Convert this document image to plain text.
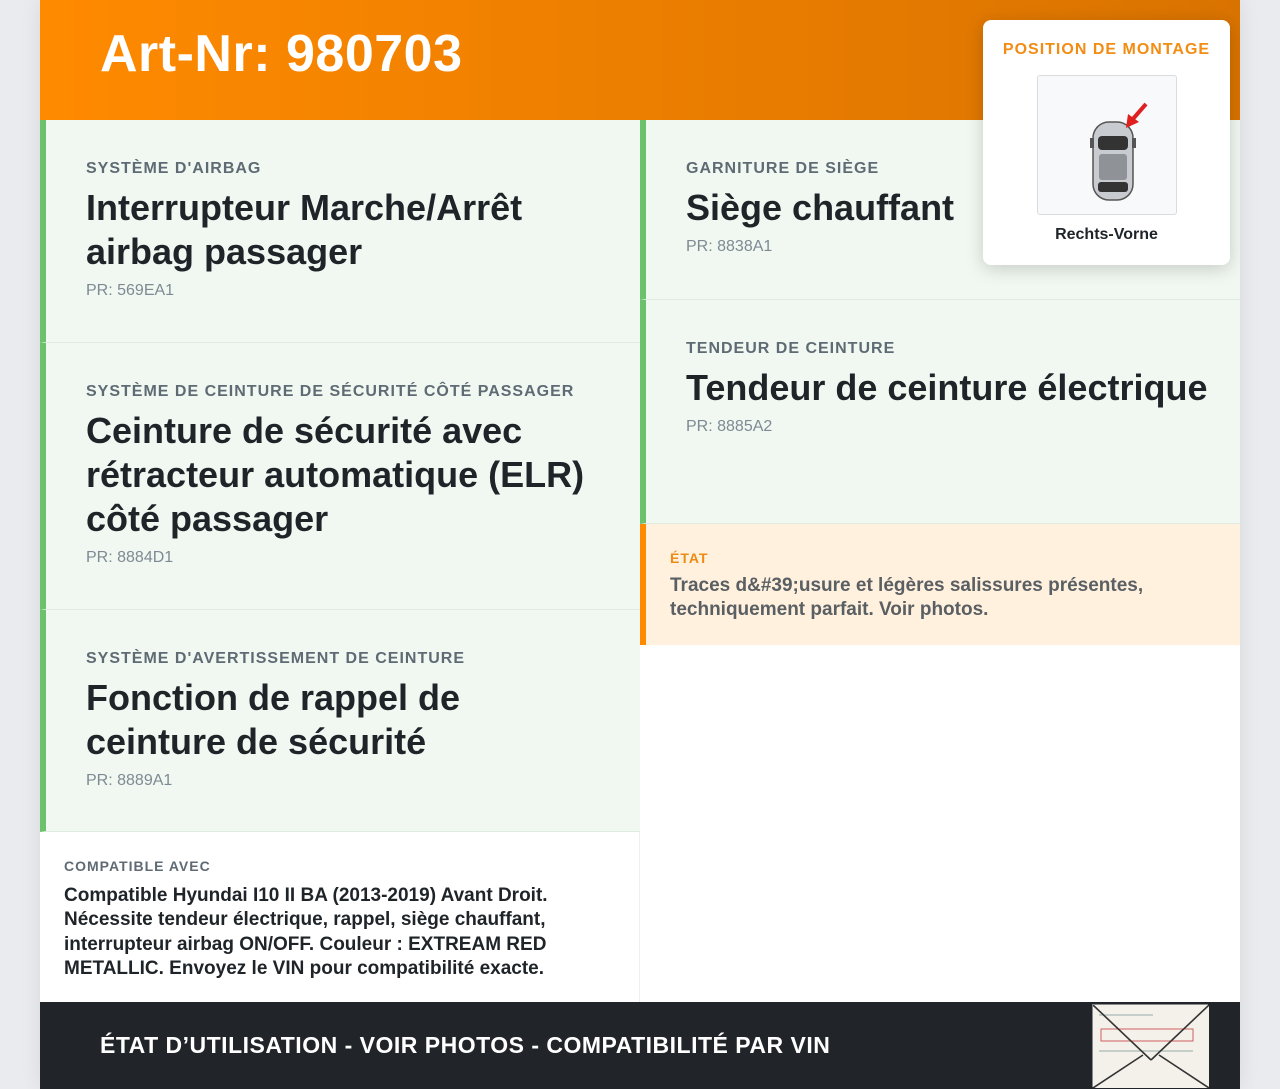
Art-Nr: 980703
SYSTÈME D'AIRBAG
Interrupteur Marche/Arrêt airbag passager
PR: 569EA1
SYSTÈME DE CEINTURE DE SÉCURITÉ CÔTÉ PASSAGER
Ceinture de sécurité avec rétracteur automatique (ELR) côté passager
PR: 8884D1
SYSTÈME D'AVERTISSEMENT DE CEINTURE
Fonction de rappel de ceinture de sécurité
PR: 8889A1
COMPATIBLE AVEC
Compatible Hyundai I10 II BA (2013-2019) Avant Droit. Nécessite tendeur électrique, rappel, siège chauffant, interrupteur airbag ON/OFF. Couleur : EXTREAM RED METALLIC. Envoyez le VIN pour compatibilité exacte.
GARNITURE DE SIÈGE
Siège chauffant
PR: 8838A1
TENDEUR DE CEINTURE
Tendeur de ceinture électrique
PR: 8885A2
ÉTAT
Traces d&#39;usure et légères salissures présentes, techniquement parfait. Voir photos.
ÉTAT D’UTILISATION - VOIR PHOTOS - COMPATIBILITÉ PAR VIN
POSITION DE MONTAGE
Rechts-Vorne
